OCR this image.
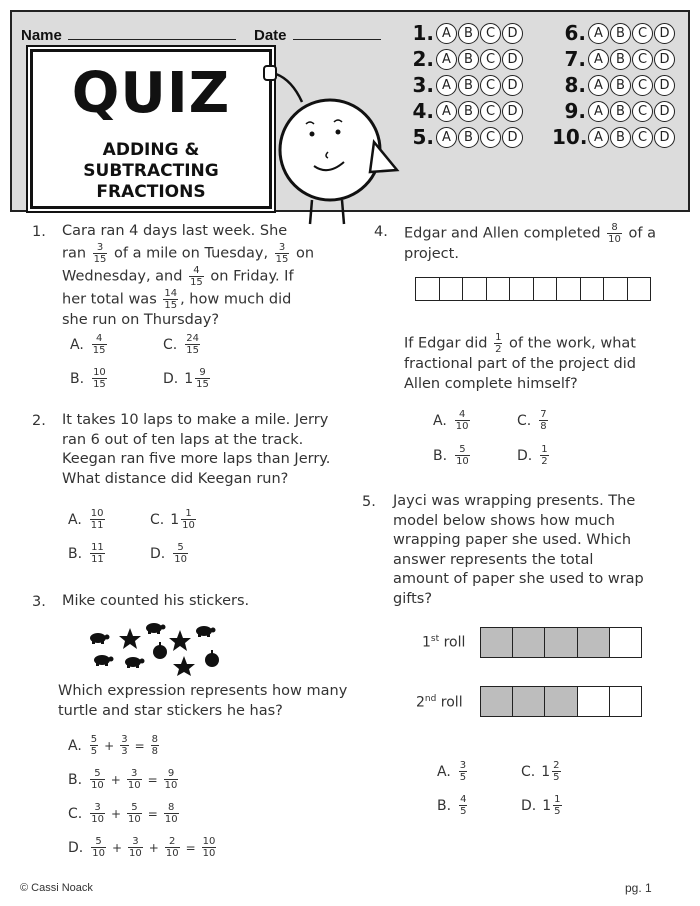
Name	Date
QUIZ
ADDING &
SUBTRACTING
FRACTIONS
1. A	B	C D
2. A	B	C D
3. A	B	C D
4. A	B	C D
5. A	B	C D
6. A	B	C D
7. A	B	C D
8. A	B	C D
9. A	B	C D
10. A	B	C D
1. Cara ran 4 days last week. She
ran $\frac{3}{15}$ of a mile on Tuesday, $\frac{3}{15}$ on
Wednesday, and $\frac{4}{15}$ on Friday. If
her total was $\frac{14}{15}$ , how much did
she run on Thursday?
A. $\frac{4}{15}$	C. $\frac{24}{15}$
B. $\frac{10}{15}$	D. $1 \frac{9}{15}$
2. It takes 10 laps to make a mile. Jerry
ran 6 out of ten laps at the track.
Keegan ran five more laps than Jerry.
What distance did Keegan run?
A. $\frac{10}{11}$	C. $1 \frac{1}{10}$
B. $\frac{11}{11}$	D. $\frac{5}{10}$
3. Mike counted his stickers.
Which expression represents how many
turtle and star stickers he has?
A. $\frac{5}{5} + \frac{3}{3} = \frac{8}{8}$
B. $\frac{5}{10} + \frac{3}{10} = \frac{9}{10}$
C. $\frac{3}{10} + \frac{5}{10} = \frac{8}{10}$
D. $\frac{5}{10} + \frac{3}{10} + \frac{2}{10} = \frac{10}{10}$
4. Edgar and Allen completed $\frac{8}{10}$ of a
project.
If Edgar did $\frac{1}{2}$ of the work, what
fractional part of the project did
Allen complete himself?
A. $\frac{4}{10}$	C. $\frac{7}{8}$
B. $\frac{5}{10}$	D. $\frac{1}{2}$
5. Jayci was wrapping presents. The
model below shows how much
wrapping paper she used. Which
answer represents the total
amount of paper she used to wrap
gifts?
1st roll
2nd roll
A. $\frac{3}{5}$	C. $1 \frac{2}{5}$
B. $\frac{4}{5}$	D. $1 \frac{1}{5}$
© Cassi Noack	pg. 1
